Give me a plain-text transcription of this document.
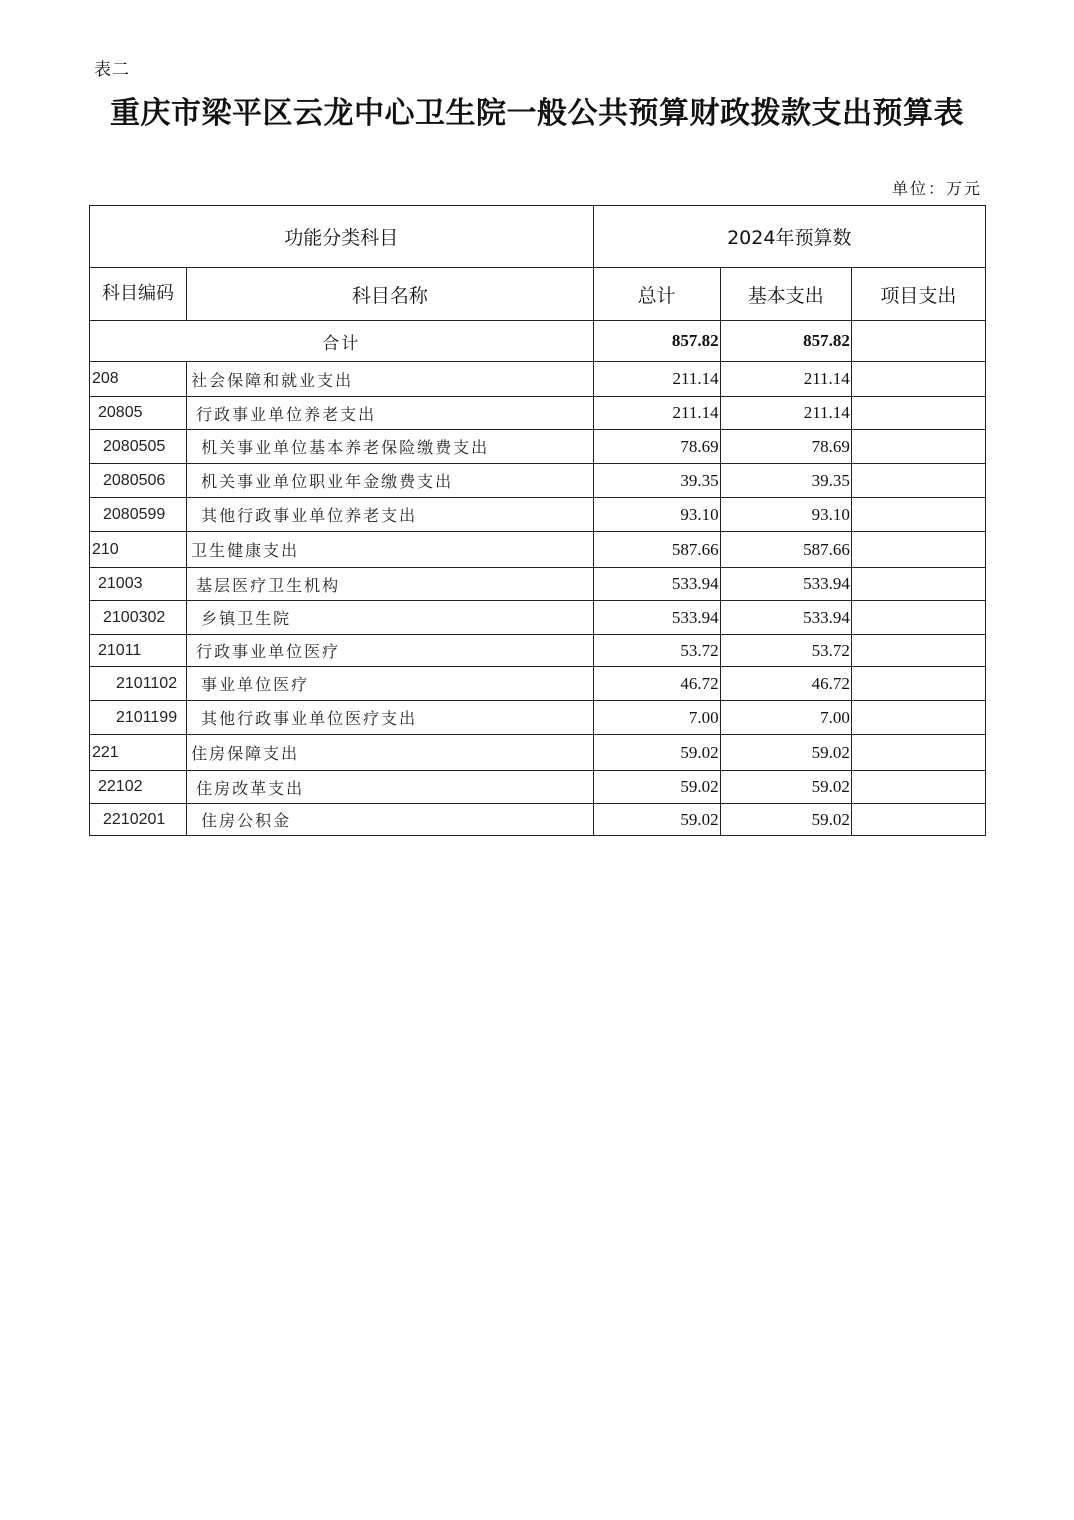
表二
重庆市梁平区云龙中心卫生院一般公共预算财政拨款支出预算表
单位：万元
功能分类科目		2024年预算数		
科目编码	科目名称	总计	基本支出	项目支出
合计		857.82	857.82	
208	社会保障和就业支出	211.14	211.14	
20805	行政事业单位养老支出	211.14	211.14	
2080505	机关事业单位基本养老保险缴费支出	78.69	78.69	
2080506	机关事业单位职业年金缴费支出	39.35	39.35	
2080599	其他行政事业单位养老支出	93.10	93.10	
210	卫生健康支出	587.66	587.66	
21003	基层医疗卫生机构	533.94	533.94	
2100302	乡镇卫生院	533.94	533.94	
21011	行政事业单位医疗	53.72	53.72	
2101102	事业单位医疗	46.72	46.72	
2101199	其他行政事业单位医疗支出	7.00	7.00	
221	住房保障支出	59.02	59.02	
22102	住房改革支出	59.02	59.02	
2210201	住房公积金	59.02	59.02	
